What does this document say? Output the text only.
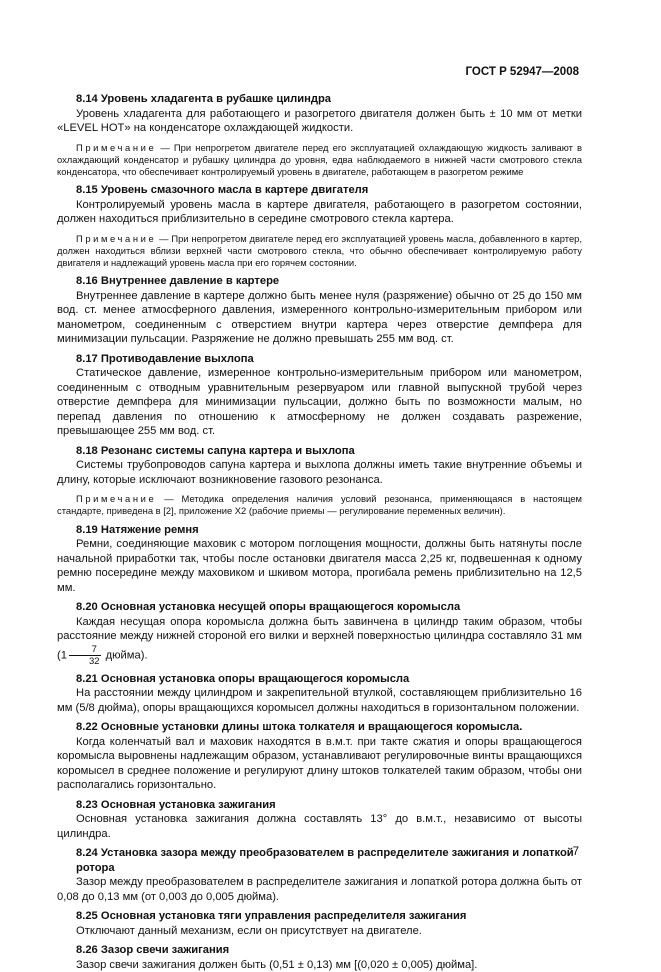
ГОСТ Р 52947—2008
8.14 Уровень хладагента в рубашке цилиндра
Уровень хладагента для работающего и разогретого двигателя должен быть ± 10 мм от метки «LEVEL HOT» на конденсаторе охлаждающей жидкости.
Примечание — При непрогретом двигателе перед его эксплуатацией охлаждающую жидкость заливают в охлаждающий конденсатор и рубашку цилиндра до уровня, едва наблюдаемого в нижней части смотрового стекла конденсатора, что обеспечивает контролируемый уровень в двигателе, работающем в разогретом режиме
8.15 Уровень смазочного масла в картере двигателя
Контролируемый уровень масла в картере двигателя, работающего в разогретом состоянии, должен находиться приблизительно в середине смотрового стекла картера.
Примечание — При непрогретом двигателе перед его эксплуатацией уровень масла, добавленного в картер, должен находиться вблизи верхней части смотрового стекла, что обычно обеспечивает контролируемую работу двигателя и надлежащий уровень масла при его горячем состоянии.
8.16 Внутреннее давление в картере
Внутреннее давление в картере должно быть менее нуля (разряжение) обычно от 25 до 150 мм вод. ст. менее атмосферного давления, измеренного контрольно-измерительным прибором или манометром, соединенным с отверстием внутри картера через отверстие демпфера для минимизации пульсации. Разряжение не должно превышать 255 мм вод. ст.
8.17 Противодавление выхлопа
Статическое давление, измеренное контрольно-измерительным прибором или манометром, соединенным с отводным уравнительным резервуаром или главной выпускной трубой через отверстие демпфера для минимизации пульсации, должно быть по возможности малым, но перепад давления по отношению к атмосферному не должен создавать разрежение, превышающее 255 мм вод. ст.
8.18 Резонанс системы сапуна картера и выхлопа
Системы трубопроводов сапуна картера и выхлопа должны иметь такие внутренние объемы и длину, которые исключают возникновение газового резонанса.
Примечание — Методика определения наличия условий резонанса, применяющаяся в настоящем стандарте, приведена в [2], приложение X2 (рабочие приемы — регулирование переменных величин).
8.19 Натяжение ремня
Ремни, соединяющие маховик с мотором поглощения мощности, должны быть натянуты после начальной приработки так, чтобы после остановки двигателя масса 2,25 кг, подвешенная к одному ремню посередине между маховиком и шкивом мотора, прогибала ремень приблизительно на 12,5 мм.
8.20 Основная установка несущей опоры вращающегося коромысла
Каждая несущая опора коромысла должна быть завинчена в цилиндр таким образом, чтобы расстояние между нижней стороной его вилки и верхней поверхностью цилиндра составляло 31 мм ($1 \frac{7}{32}$ дюйма).
8.21 Основная установка опоры вращающегося коромысла
На расстоянии между цилиндром и закрепительной втулкой, составляющем приблизительно 16 мм (5/8 дюйма), опоры вращающихся коромысел должны находиться в горизонтальном положении.
8.22 Основные установки длины штока толкателя и вращающегося коромысла.
Когда коленчатый вал и маховик находятся в в.м.т. при такте сжатия и опоры вращающегося коромысла выровнены надлежащим образом, устанавливают регулировочные винты вращающихся коромысел в среднее положение и регулируют длину штоков толкателей таким образом, чтобы они располагались горизонтально.
8.23 Основная установка зажигания
Основная установка зажигания должна составлять 13° до в.м.т., независимо от высоты цилиндра.
8.24 Установка зазора между преобразователем в распределителе зажигания и лопаткой ротора
Зазор между преобразователем в распределителе зажигания и лопаткой ротора должна быть от 0,08 до 0,13 мм (от 0,003 до 0,005 дюйма).
8.25 Основная установка тяги управления распределителя зажигания
Отключают данный механизм, если он присутствует на двигателе.
8.26 Зазор свечи зажигания
Зазор свечи зажигания должен быть (0,51 ± 0,13) мм [(0,020 ± 0,005) дюйма].
7
